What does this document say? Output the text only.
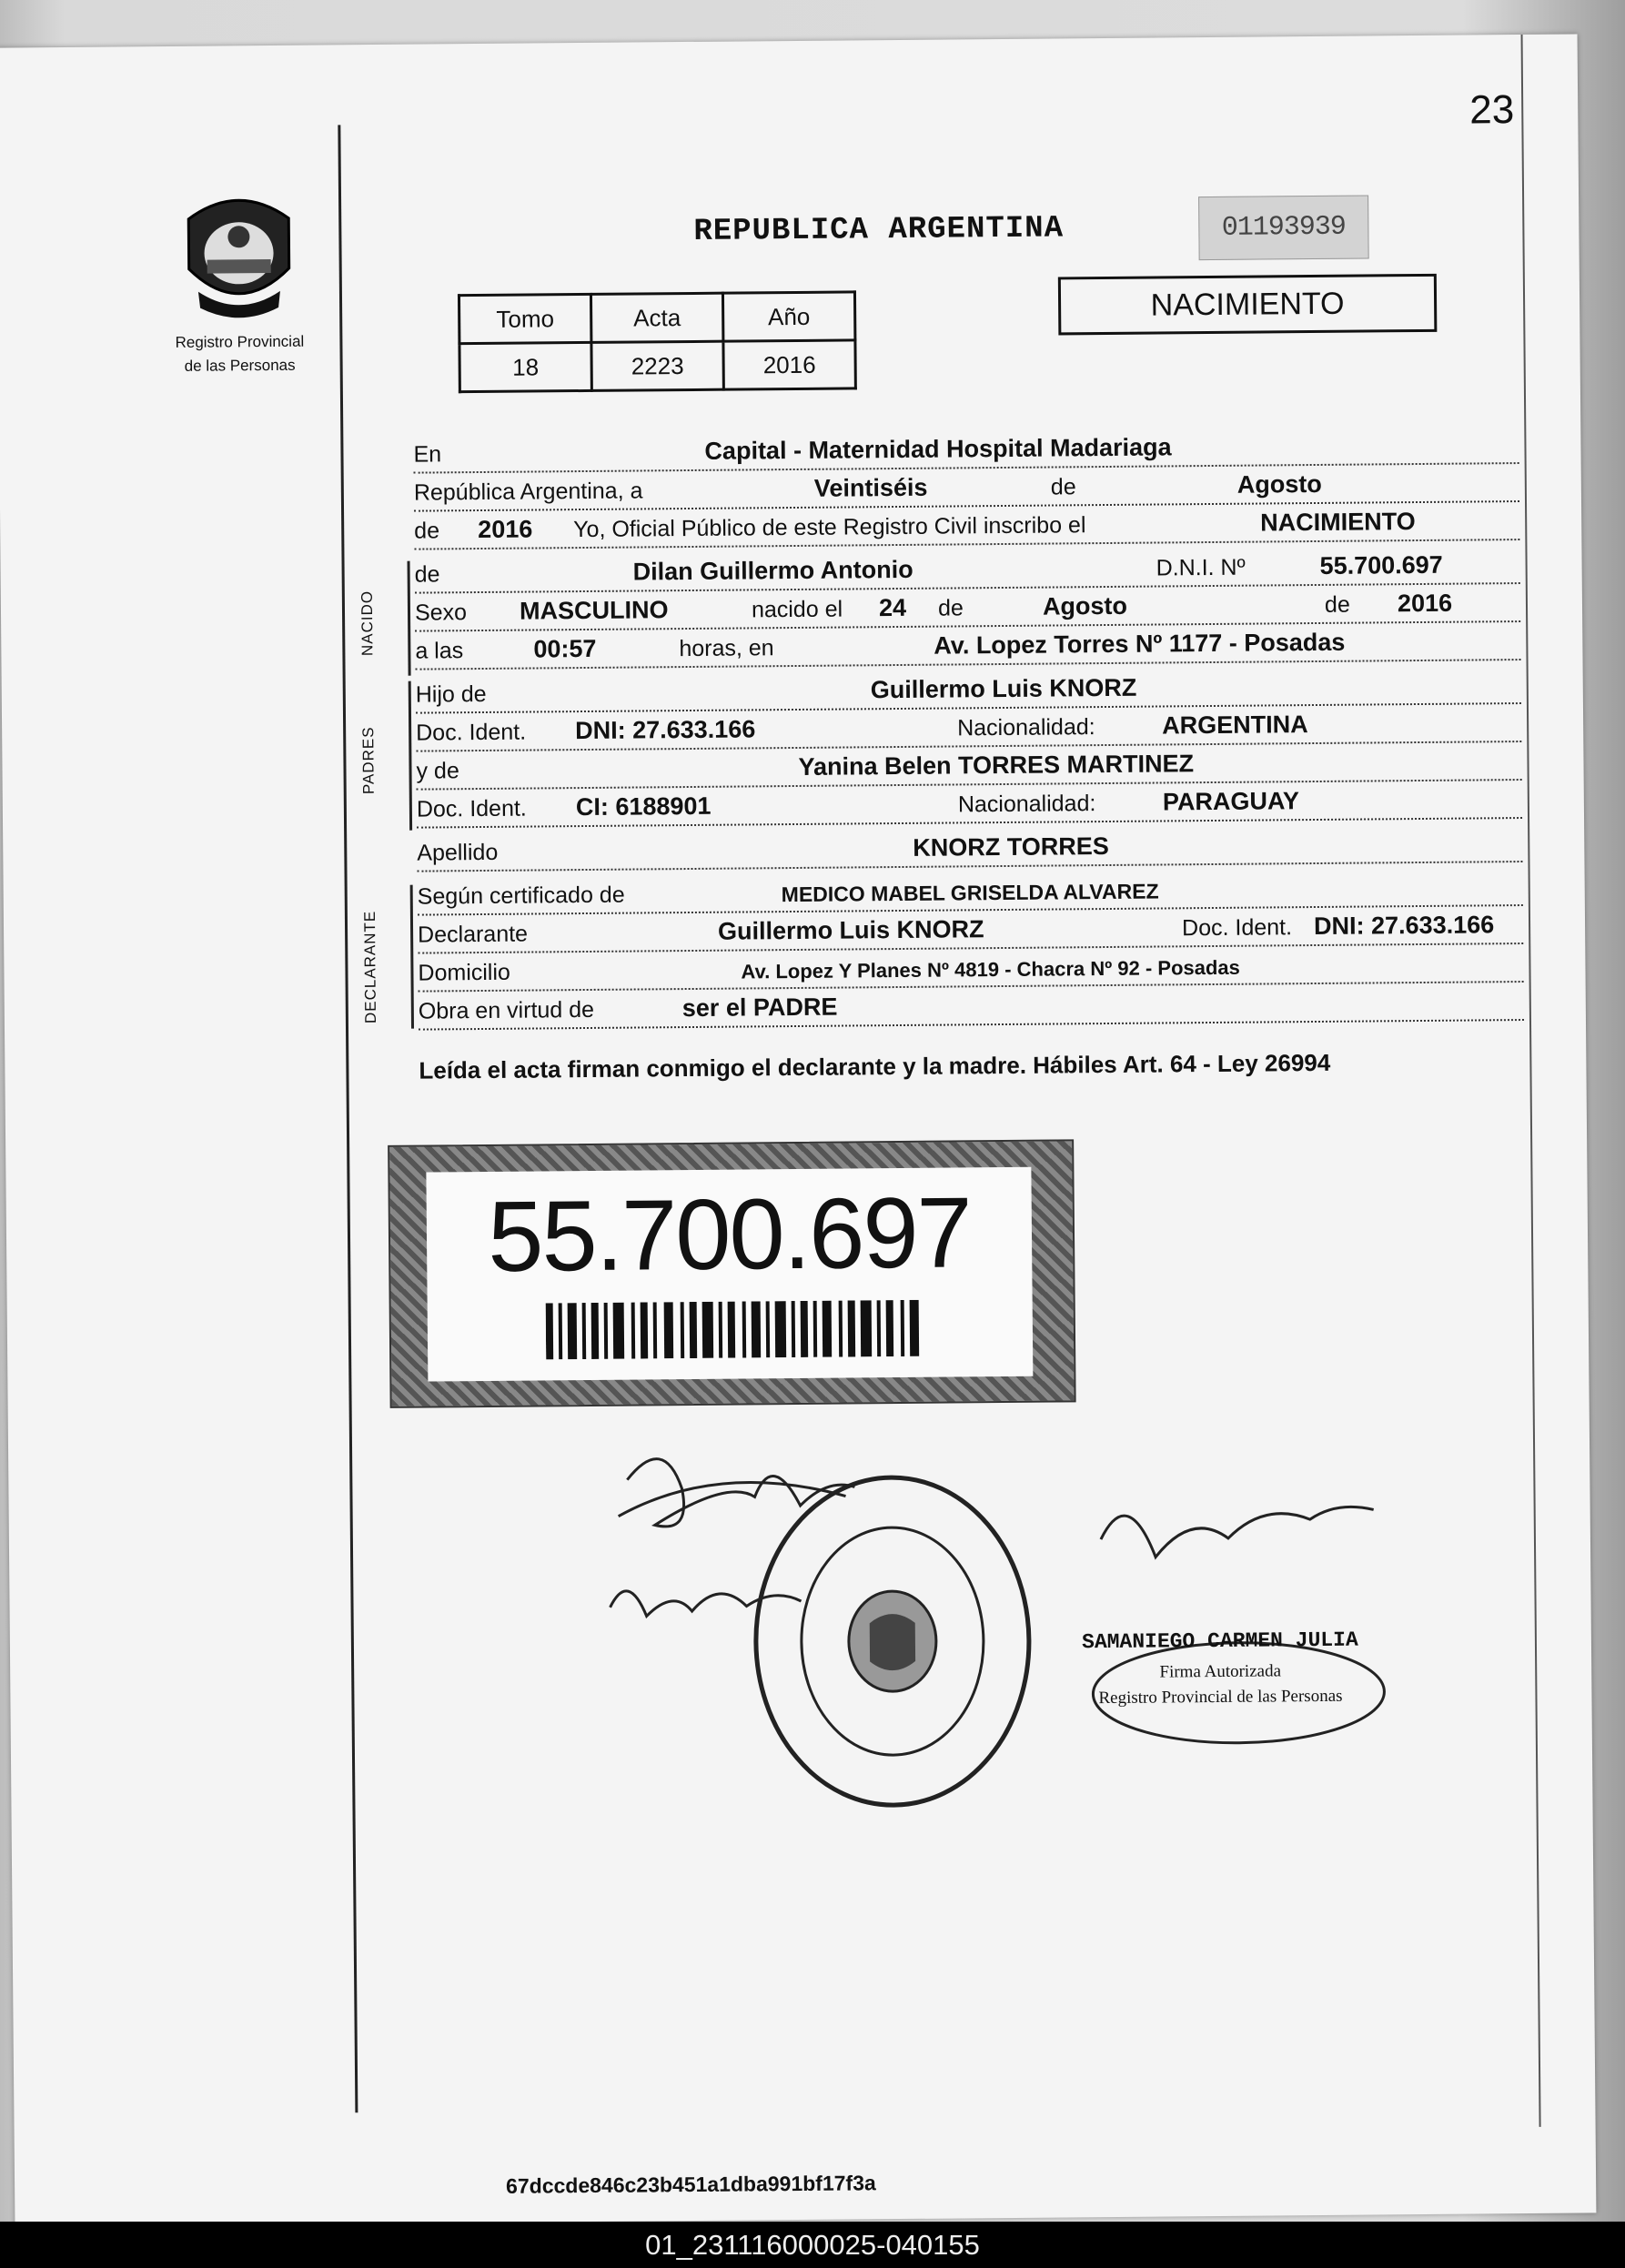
23
Registro Provincial
de las Personas
REPUBLICA ARGENTINA	01193939
Tomo	Acta	Año
18	2223	2016
NACIMIENTO
En	Capital - Maternidad Hospital Madariaga
República Argentina, a	Veintiséis	de	Agosto
de 2016 Yo, Oficial Público de este Registro Civil inscribo el	NACIMIENTO
NACIDO
de	Dilan Guillermo Antonio	D.N.I. Nº	55.700.697
Sexo MASCULINO	nacido el 24 de	Agosto	de 2016
a las	00:57	horas, en	Av. Lopez Torres Nº 1177 - Posadas
PADRES
Hijo de	Guillermo Luis KNORZ
Doc. Ident. DNI: 27.633.166	Nacionalidad:	ARGENTINA
y de	Yanina Belen TORRES MARTINEZ
Doc. Ident. CI: 6188901	Nacionalidad:	PARAGUAY
Apellido	KNORZ TORRES
DECLARANTE
Según certificado de	MEDICO MABEL GRISELDA ALVAREZ
Declarante	Guillermo Luis KNORZ	Doc. Ident. DNI: 27.633.166
Domicilio	Av. Lopez Y Planes Nº 4819 - Chacra Nº 92 - Posadas
Obra en virtud de	ser el PADRE
Leída el acta firman conmigo el declarante y la madre. Hábiles Art. 64 - Ley 26994
55.700.697
SAMANIEGO CARMEN JULIA
Firma Autorizada
Registro Provincial de las Personas
67dccde846c23b451a1dba991bf17f3a
01_231116000025-040155
